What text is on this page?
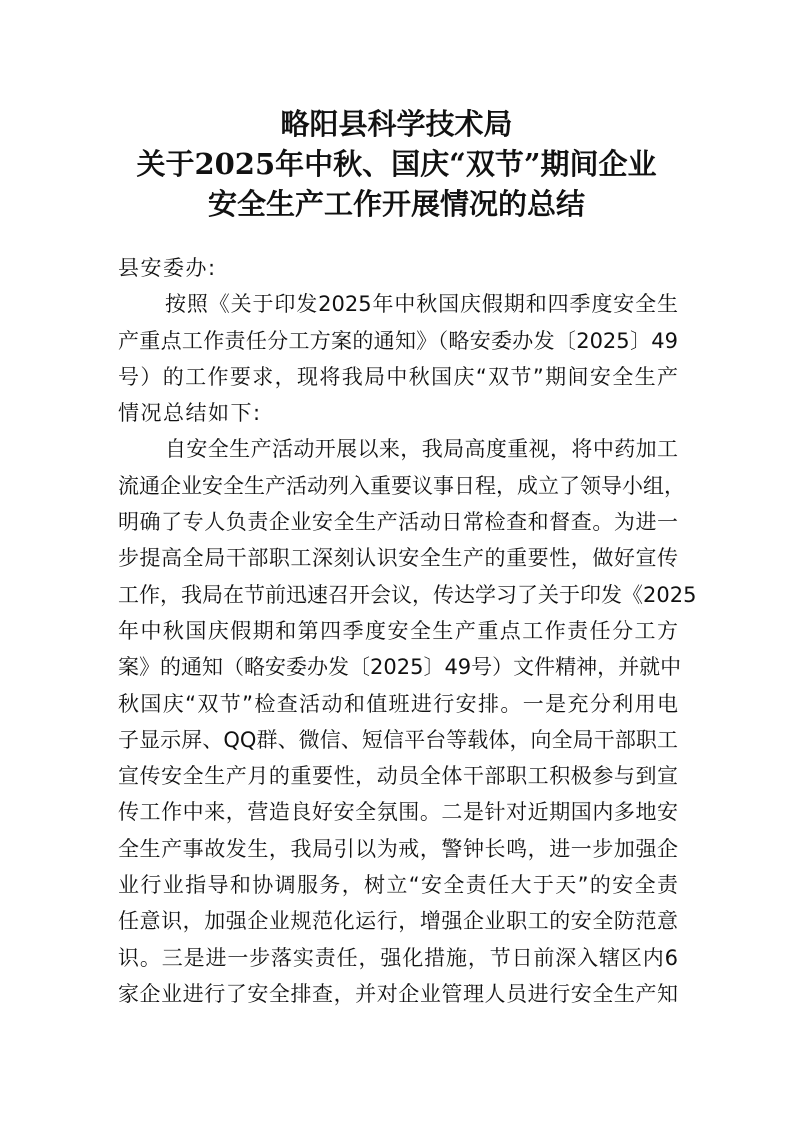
略阳县科学技术局
关于2025年中秋、国庆“双节”期间企业
安全生产工作开展情况的总结
县安委办:
按照《关于印发2025年中秋国庆假期和四季度安全生
产重点工作责任分工方案的通知》（略安委办发〔2025〕49
号）的工作要求，现将我局中秋国庆“双节”期间安全生产
情况总结如下:
自安全生产活动开展以来，我局高度重视，将中药加工
流通企业安全生产活动列入重要议事日程，成立了领导小组，
明确了专人负责企业安全生产活动日常检查和督查。为进一
步提高全局干部职工深刻认识安全生产的重要性，做好宣传
工作，我局在节前迅速召开会议，传达学习了关于印发《2025
年中秋国庆假期和第四季度安全生产重点工作责任分工方
案》的通知（略安委办发〔2025〕49号）文件精神，并就中
秋国庆“双节”检查活动和值班进行安排。一是充分利用电
子显示屏、QQ群、微信、短信平台等载体，向全局干部职工
宣传安全生产月的重要性，动员全体干部职工积极参与到宣
传工作中来，营造良好安全氛围。二是针对近期国内多地安
全生产事故发生，我局引以为戒，警钟长鸣，进一步加强企
业行业指导和协调服务，树立“安全责任大于天”的安全责
任意识，加强企业规范化运行，增强企业职工的安全防范意
识。三是进一步落实责任，强化措施，节日前深入辖区内6
家企业进行了安全排查，并对企业管理人员进行安全生产知
